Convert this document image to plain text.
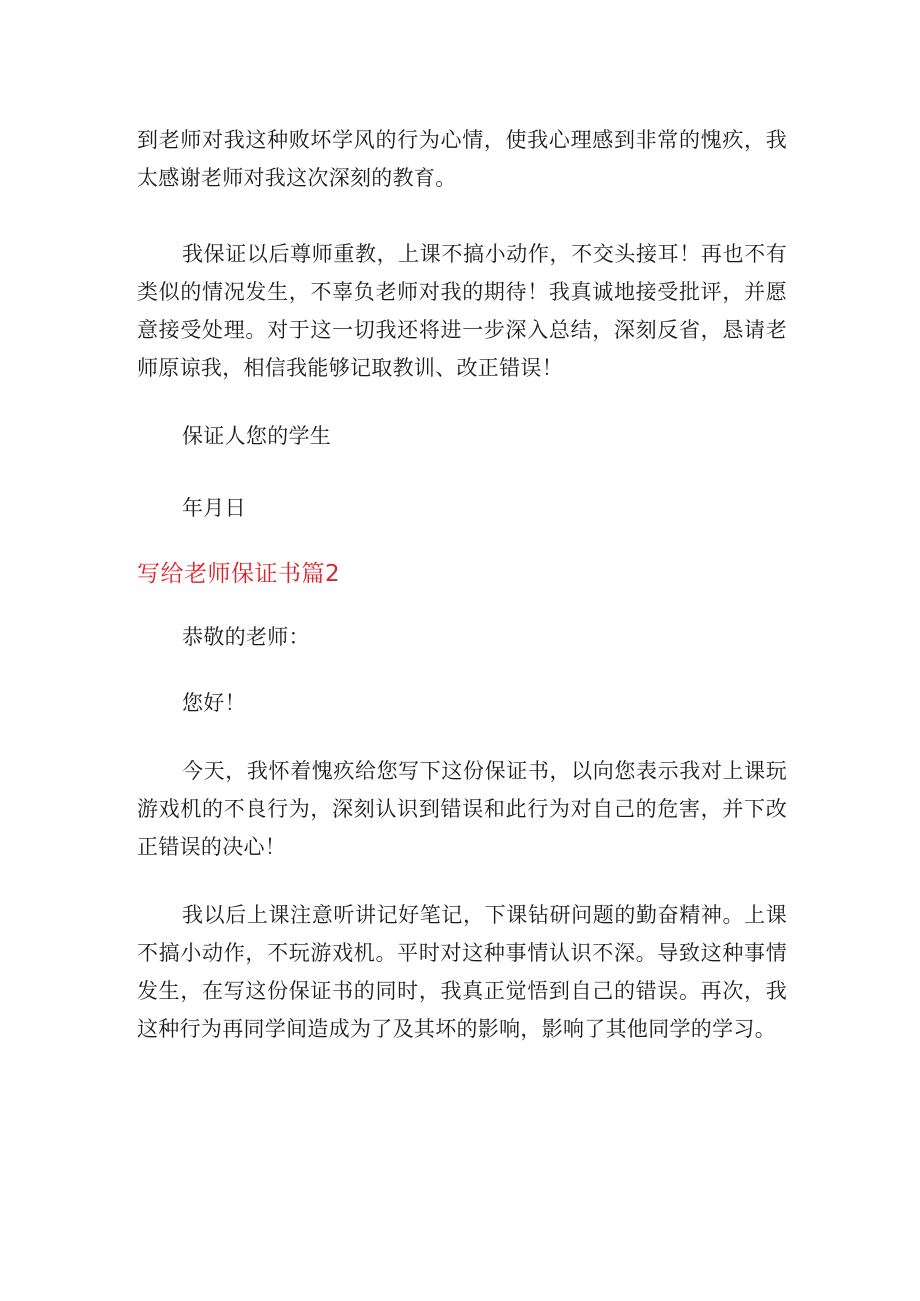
到老师对我这种败坏学风的行为心情，使我心理感到非常的愧疚，我太感谢老师对我这次深刻的教育。

我保证以后尊师重教，上课不搞小动作，不交头接耳！再也不有类似的情况发生，不辜负老师对我的期待！我真诚地接受批评，并愿意接受处理。对于这一切我还将进一步深入总结，深刻反省，恳请老师原谅我，相信我能够记取教训、改正错误！

保证人您的学生

年月日

写给老师保证书篇2

恭敬的老师：

您好！

今天，我怀着愧疚给您写下这份保证书，以向您表示我对上课玩游戏机的不良行为，深刻认识到错误和此行为对自己的危害，并下改正错误的决心！

我以后上课注意听讲记好笔记，下课钻研问题的勤奋精神。上课不搞小动作，不玩游戏机。平时对这种事情认识不深。导致这种事情发生，在写这份保证书的同时，我真正觉悟到自己的错误。再次，我这种行为再同学间造成为了及其坏的影响，影响了其他同学的学习。
